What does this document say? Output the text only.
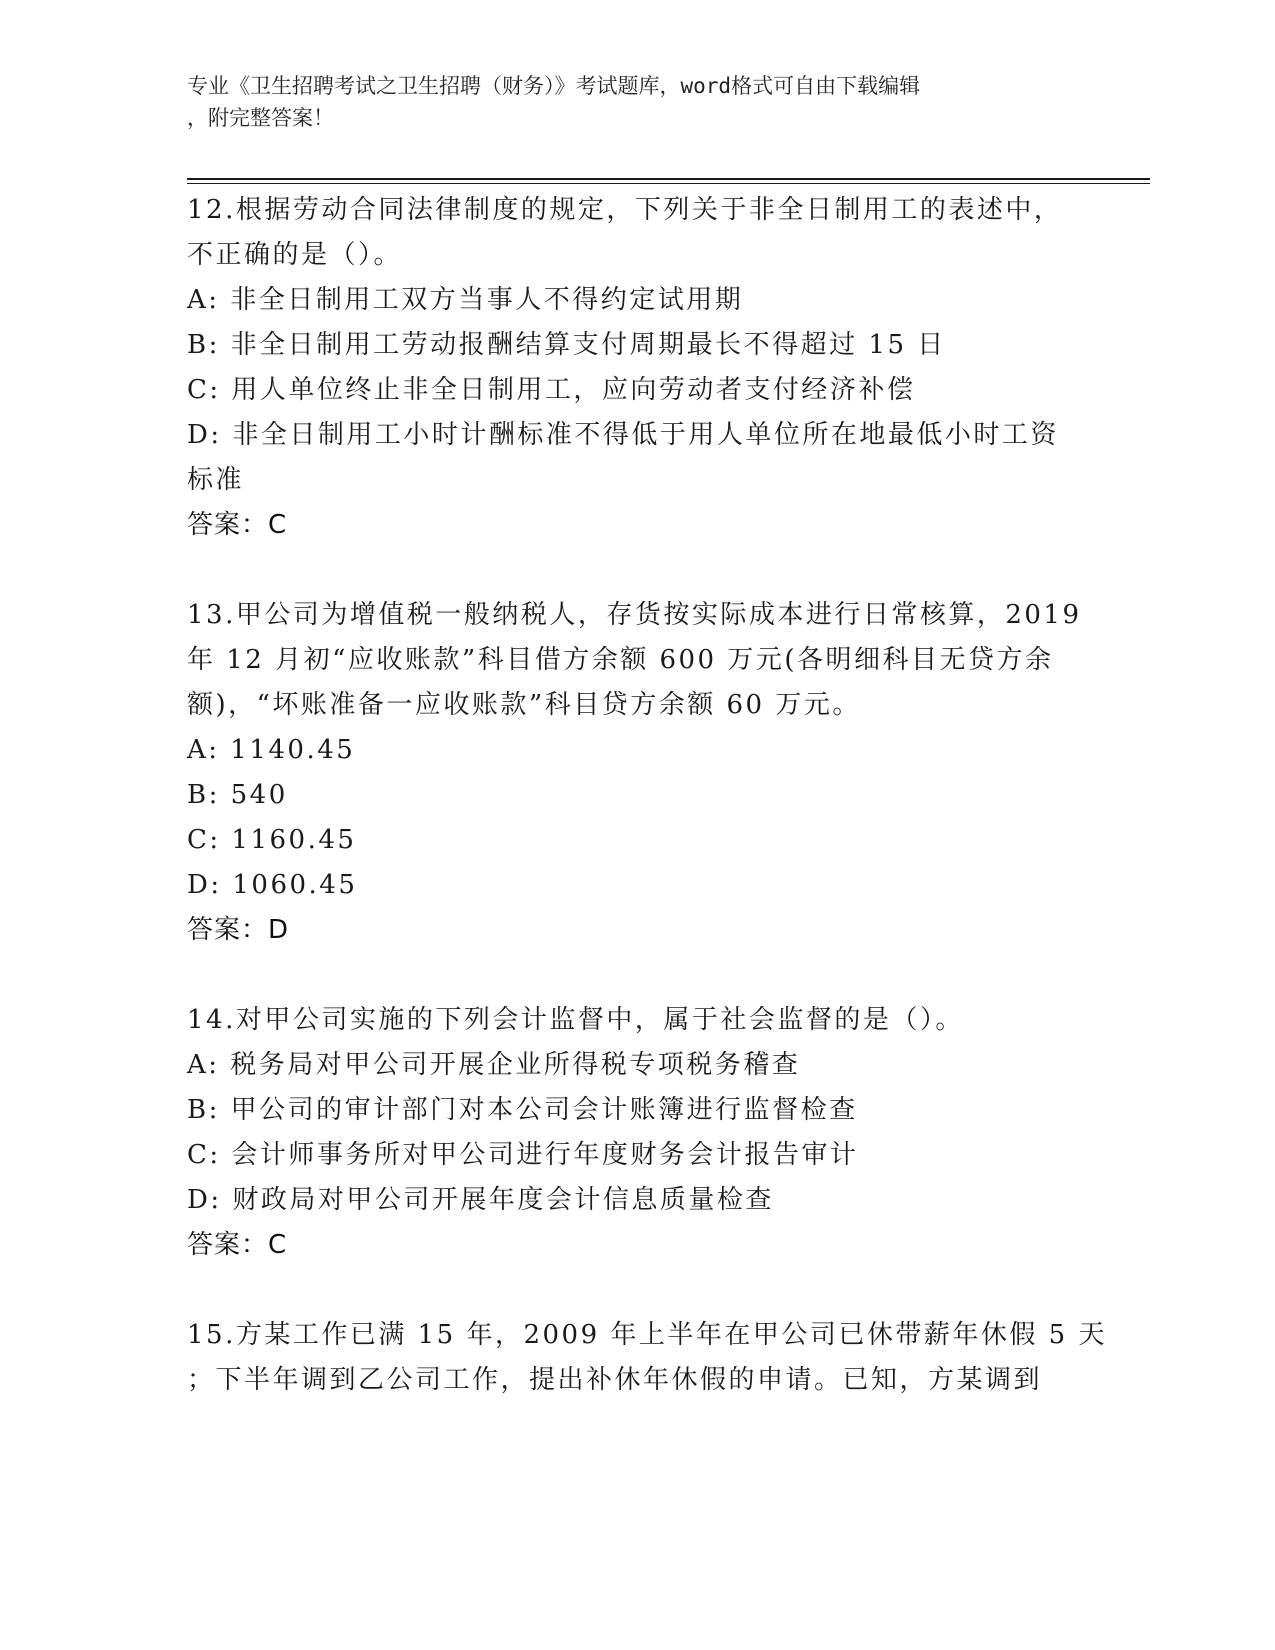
专业《卫生招聘考试之卫生招聘（财务）》考试题库，word格式可自由下载编辑
，附完整答案！
12.根据劳动合同法律制度的规定，下列关于非全日制用工的表述中，
不正确的是（）。
A: 非全日制用工双方当事人不得约定试用期
B: 非全日制用工劳动报酬结算支付周期最长不得超过 15 日
C: 用人单位终止非全日制用工，应向劳动者支付经济补偿
D: 非全日制用工小时计酬标准不得低于用人单位所在地最低小时工资
标准
答案：C
13.甲公司为增值税一般纳税人，存货按实际成本进行日常核算，2019
年 12 月初“应收账款”科目借方余额 600 万元(各明细科目无贷方余
额)，“坏账准备一应收账款”科目贷方余额 60 万元。
A: 1140.45
B: 540
C: 1160.45
D: 1060.45
答案：D
14.对甲公司实施的下列会计监督中，属于社会监督的是（）。
A: 税务局对甲公司开展企业所得税专项税务稽查
B: 甲公司的审计部门对本公司会计账簿进行监督检查
C: 会计师事务所对甲公司进行年度财务会计报告审计
D: 财政局对甲公司开展年度会计信息质量检查
答案：C
15.方某工作已满 15 年，2009 年上半年在甲公司已休带薪年休假 5 天
；下半年调到乙公司工作，提出补休年休假的申请。已知，方某调到
